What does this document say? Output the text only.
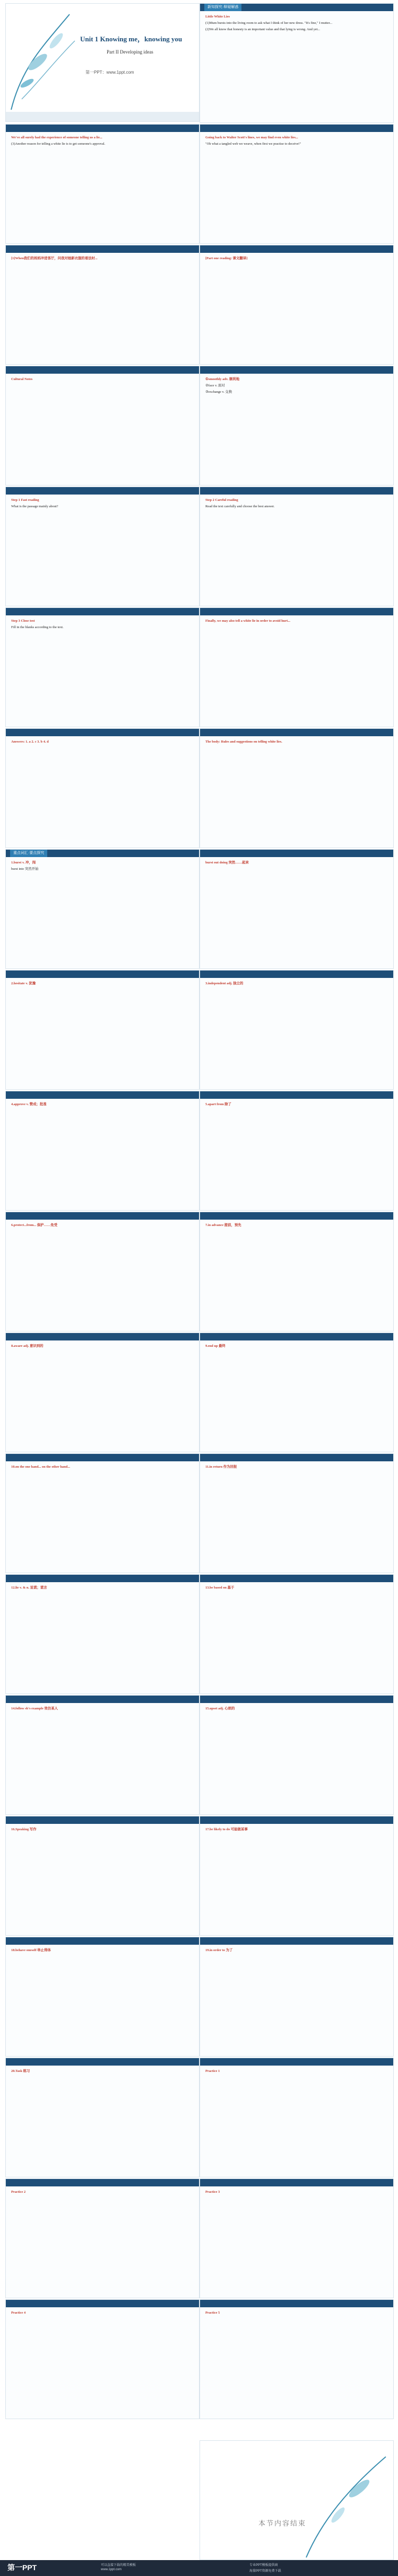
Unit 1 Knowing me，knowing you
Part II Developing ideas
第一PPT：www.1ppt.com
新知探究·释疑解惑

Little White Lies

(1)Mum bursts into the living room to ask what I think of her new dress. "It's fine," I mutter...

(2)We all know that honesty is an important value and that lying is wrong. And yet...

We've all surely had the experience of someone telling us a lie...

(3)Another reason for telling a white lie is to get someone's approval.

Going back to Walter Scott's lines, we may find even white lies...

"Oh what a tangled web we weave, when first we practise to deceive!"

[1]When我们的妈妈冲进客厅，问我对她新衣服的看法时...	[Part one reading: 课文翻译]

Cultural Notes	①smoothly adv. 顺利地

②face v. 面对

③exchange v. 交换

Step 1 Fast reading

What is the passage mainly about?

Step 2 Careful reading

Read the text carefully and choose the best answer.

Step 3 Close test

Fill in the blanks according to the text.

Finally, we may also tell a white lie in order to avoid hurt...

Answers: 1. a 2. c 3. b 4. d	The body: Rules and suggestions on telling white lies.

重点词汇·要点探究

1.burst v. 冲，闯

burst into 突然开始

burst out doing 突然……起来

2.hesitate v. 犹豫	3.independent adj. 独立的

4.approve v. 赞成；批准	5.apart from 除了

6.protect...from... 保护……免受	7.in advance 提前，预先

8.aware adj. 意识到的	9.end up 最终

10.on the one hand... on the other hand...	11.in return 作为回报

12.lie v. & n. 说谎；谎言	13.be based on 基于

14.follow sb's example 效仿某人	15.upset adj. 心烦的

16.Speaking 写作	17.be likely to do 可能做某事

18.behave oneself 举止得体	19.in order to 为了

20.Task 练习	Practice 1

Practice 2	Practice 3

Practice 4	Practice 5

本节内容结束
第一PPT	可以直接下载的精美模板
www.1ppt.com
专业PPT模板提供商
海量PPT资源免费下载
